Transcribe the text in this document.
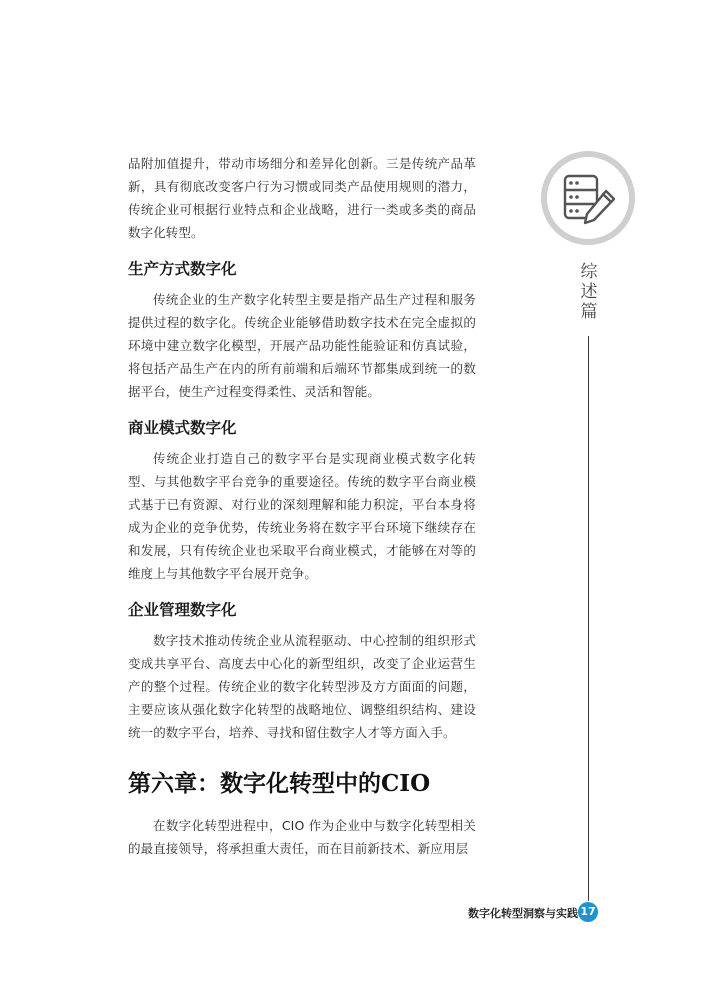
品附加值提升，带动市场细分和差异化创新。三是传统产品革新，具有彻底改变客户行为习惯或同类产品使用规则的潜力，传统企业可根据行业特点和企业战略，进行一类或多类的商品数字化转型。

生产方式数字化

传统企业的生产数字化转型主要是指产品生产过程和服务提供过程的数字化。传统企业能够借助数字技术在完全虚拟的环境中建立数字化模型，开展产品功能性能验证和仿真试验，将包括产品生产在内的所有前端和后端环节都集成到统一的数据平台，使生产过程变得柔性、灵活和智能。

商业模式数字化

传统企业打造自己的数字平台是实现商业模式数字化转型、与其他数字平台竞争的重要途径。传统的数字平台商业模式基于已有资源、对行业的深刻理解和能力积淀，平台本身将成为企业的竞争优势，传统业务将在数字平台环境下继续存在和发展，只有传统企业也采取平台商业模式，才能够在对等的维度上与其他数字平台展开竞争。

企业管理数字化

数字技术推动传统企业从流程驱动、中心控制的组织形式变成共享平台、高度去中心化的新型组织，改变了企业运营生产的整个过程。传统企业的数字化转型涉及方方面面的问题，主要应该从强化数字化转型的战略地位、调整组织结构、建设统一的数字平台，培养、寻找和留住数字人才等方面入手。

第六章：数字化转型中的CIO

在数字化转型进程中，CIO 作为企业中与数字化转型相关的最直接领导，将承担重大责任，而在目前新技术、新应用层

综
述
篇
数字化转型洞察与实践 17
